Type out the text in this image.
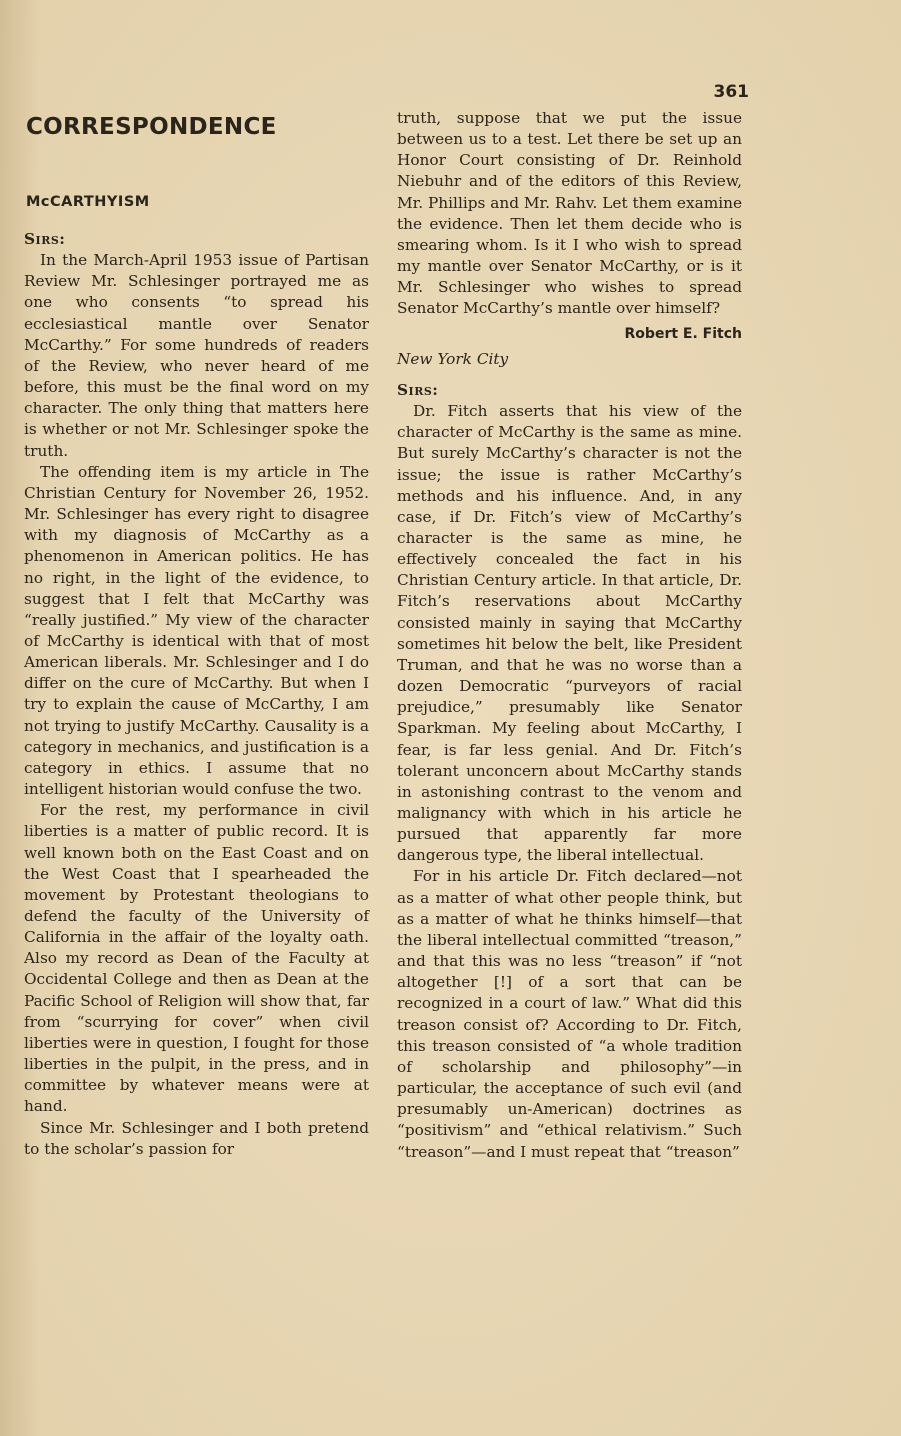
361
CORRESPONDENCE
McCARTHYISM

Sirs:

In the March-April 1953 issue of Partisan Review Mr. Schlesinger portrayed me as one who consents “to spread his ecclesiastical mantle over Senator McCarthy.” For some hundreds of readers of the Review, who never heard of me before, this must be the final word on my character. The only thing that matters here is whether or not Mr. Schlesinger spoke the truth.

The offending item is my article in The Christian Century for November 26, 1952. Mr. Schlesinger has every right to disagree with my diagnosis of McCarthy as a phenomenon in American politics. He has no right, in the light of the evidence, to suggest that I felt that McCarthy was “really justified.” My view of the character of McCarthy is identical with that of most American liberals. Mr. Schlesinger and I do differ on the cure of McCarthy. But when I try to explain the cause of McCarthy, I am not trying to justify McCarthy. Causality is a category in mechanics, and justification is a category in ethics. I assume that no intelligent historian would confuse the two.

For the rest, my performance in civil liberties is a matter of public record. It is well known both on the East Coast and on the West Coast that I spearheaded the movement by Protestant theologians to defend the faculty of the University of California in the affair of the loyalty oath. Also my record as Dean of the Faculty at Occidental College and then as Dean at the Pacific School of Religion will show that, far from “scurrying for cover” when civil liberties were in question, I fought for those liberties in the pulpit, in the press, and in committee by whatever means were at hand.

Since Mr. Schlesinger and I both pretend to the scholar’s passion for

truth, suppose that we put the issue between us to a test. Let there be set up an Honor Court consisting of Dr. Reinhold Niebuhr and of the editors of this Review, Mr. Phillips and Mr. Rahv. Let them examine the evidence. Then let them decide who is smearing whom. Is it I who wish to spread my mantle over Senator McCarthy, or is it Mr. Schlesinger who wishes to spread Senator McCarthy’s mantle over himself?

Robert E. Fitch

New York City

Sirs:

Dr. Fitch asserts that his view of the character of McCarthy is the same as mine. But surely McCarthy’s character is not the issue; the issue is rather McCarthy’s methods and his influence. And, in any case, if Dr. Fitch’s view of McCarthy’s character is the same as mine, he effectively concealed the fact in his Christian Century article. In that article, Dr. Fitch’s reservations about McCarthy consisted mainly in saying that McCarthy sometimes hit below the belt, like President Truman, and that he was no worse than a dozen Democratic “purveyors of racial prejudice,” presumably like Senator Sparkman. My feeling about McCarthy, I fear, is far less genial. And Dr. Fitch’s tolerant unconcern about McCarthy stands in astonishing contrast to the venom and malignancy with which in his article he pursued that apparently far more dangerous type, the liberal intellectual.

For in his article Dr. Fitch declared—not as a matter of what other people think, but as a matter of what he thinks himself—that the liberal intellectual committed “treason,” and that this was no less “treason” if “not altogether [!] of a sort that can be recognized in a court of law.” What did this treason consist of? According to Dr. Fitch, this treason consisted of “a whole tradition of scholarship and philosophy”—in particular, the acceptance of such evil (and presumably un-American) doctrines as “positivism” and “ethical relativism.” Such “treason”—and I must repeat that “treason”
